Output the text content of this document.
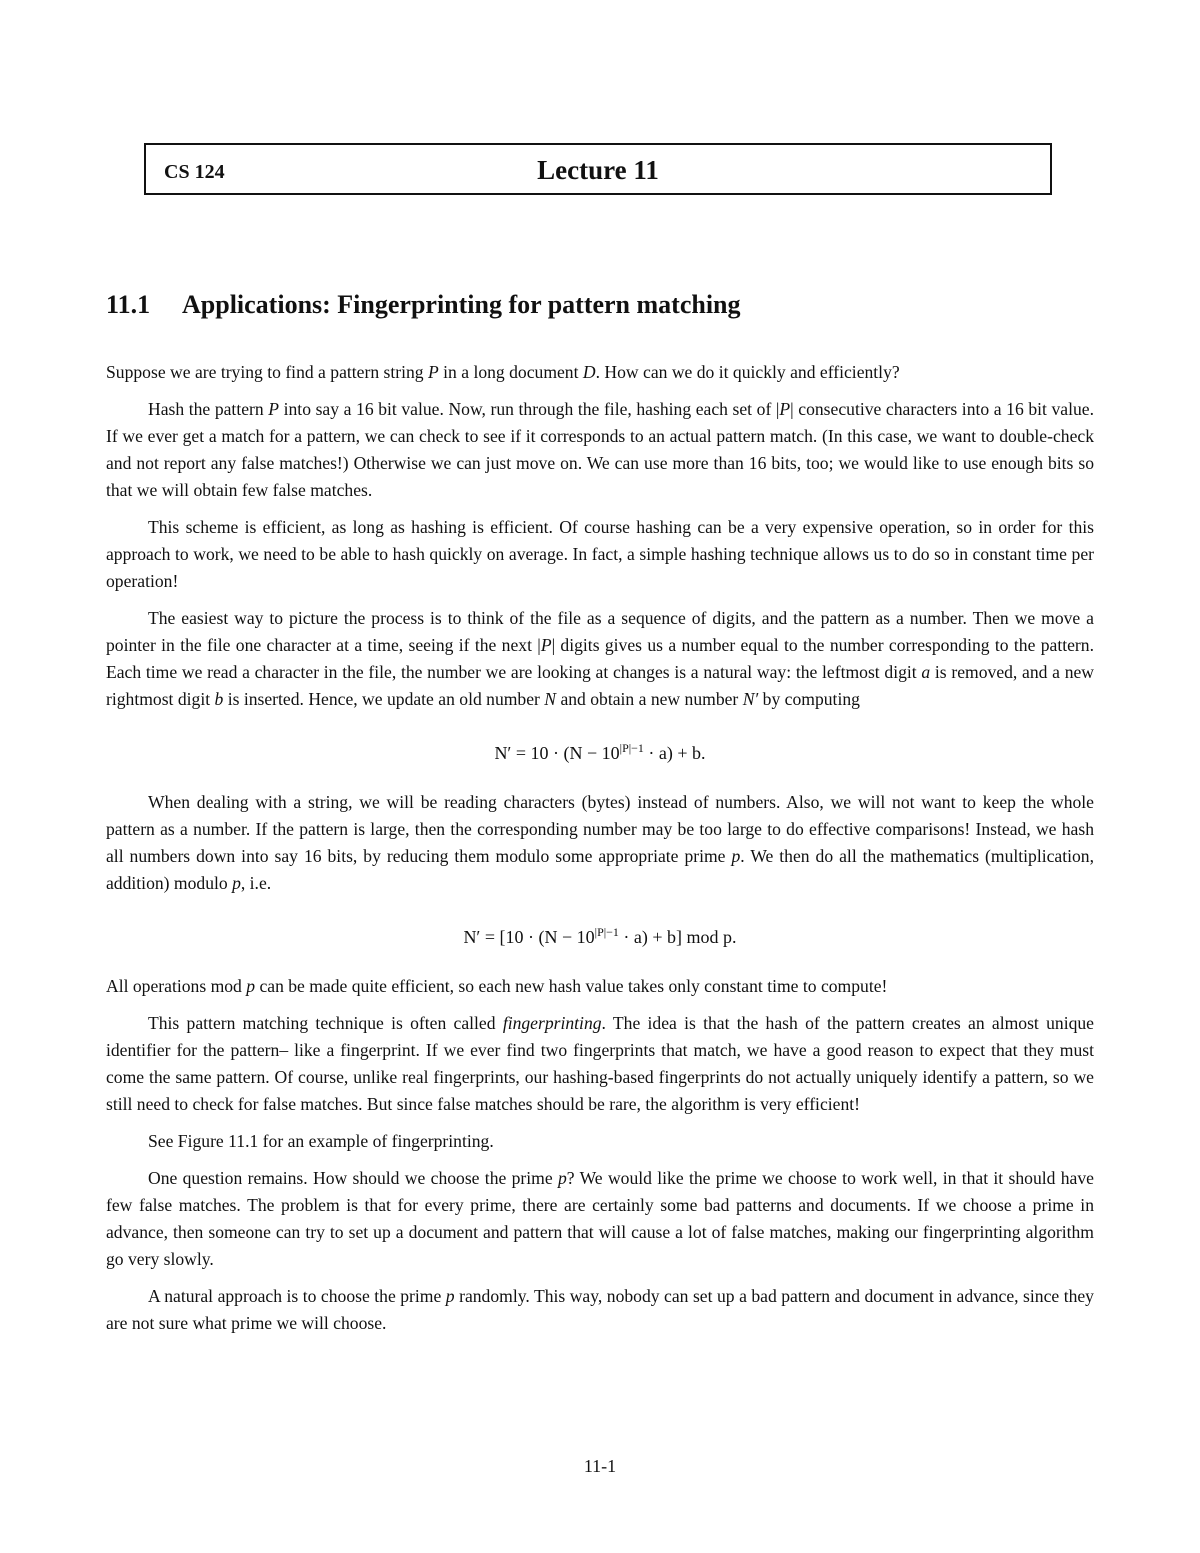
CS 124	Lecture 11
11.1 Applications: Fingerprinting for pattern matching

Suppose we are trying to find a pattern string P in a long document D. How can we do it quickly and efficiently?

Hash the pattern P into say a 16 bit value. Now, run through the file, hashing each set of |P| consecutive characters into a 16 bit value. If we ever get a match for a pattern, we can check to see if it corresponds to an actual pattern match. (In this case, we want to double-check and not report any false matches!) Otherwise we can just move on. We can use more than 16 bits, too; we would like to use enough bits so that we will obtain few false matches.

This scheme is efficient, as long as hashing is efficient. Of course hashing can be a very expensive operation, so in order for this approach to work, we need to be able to hash quickly on average. In fact, a simple hashing technique allows us to do so in constant time per operation!

The easiest way to picture the process is to think of the file as a sequence of digits, and the pattern as a number. Then we move a pointer in the file one character at a time, seeing if the next |P| digits gives us a number equal to the number corresponding to the pattern. Each time we read a character in the file, the number we are looking at changes is a natural way: the leftmost digit a is removed, and a new rightmost digit b is inserted. Hence, we update an old number N and obtain a new number N′ by computing

$N' = 10 \cdot (N - 10^{|P|-1} \cdot a) + b$.

When dealing with a string, we will be reading characters (bytes) instead of numbers. Also, we will not want to keep the whole pattern as a number. If the pattern is large, then the corresponding number may be too large to do effective comparisons! Instead, we hash all numbers down into say 16 bits, by reducing them modulo some appropriate prime p. We then do all the mathematics (multiplication, addition) modulo p, i.e.

$N' = [10 \cdot (N - 10^{|P|-1} \cdot a) + b]$ mod p.

All operations mod p can be made quite efficient, so each new hash value takes only constant time to compute!

This pattern matching technique is often called fingerprinting. The idea is that the hash of the pattern creates an almost unique identifier for the pattern– like a fingerprint. If we ever find two fingerprints that match, we have a good reason to expect that they must come the same pattern. Of course, unlike real fingerprints, our hashing-based fingerprints do not actually uniquely identify a pattern, so we still need to check for false matches. But since false matches should be rare, the algorithm is very efficient!

See Figure 11.1 for an example of fingerprinting.

One question remains. How should we choose the prime p? We would like the prime we choose to work well, in that it should have few false matches. The problem is that for every prime, there are certainly some bad patterns and documents. If we choose a prime in advance, then someone can try to set up a document and pattern that will cause a lot of false matches, making our fingerprinting algorithm go very slowly.

A natural approach is to choose the prime p randomly. This way, nobody can set up a bad pattern and document in advance, since they are not sure what prime we will choose.

11-1
